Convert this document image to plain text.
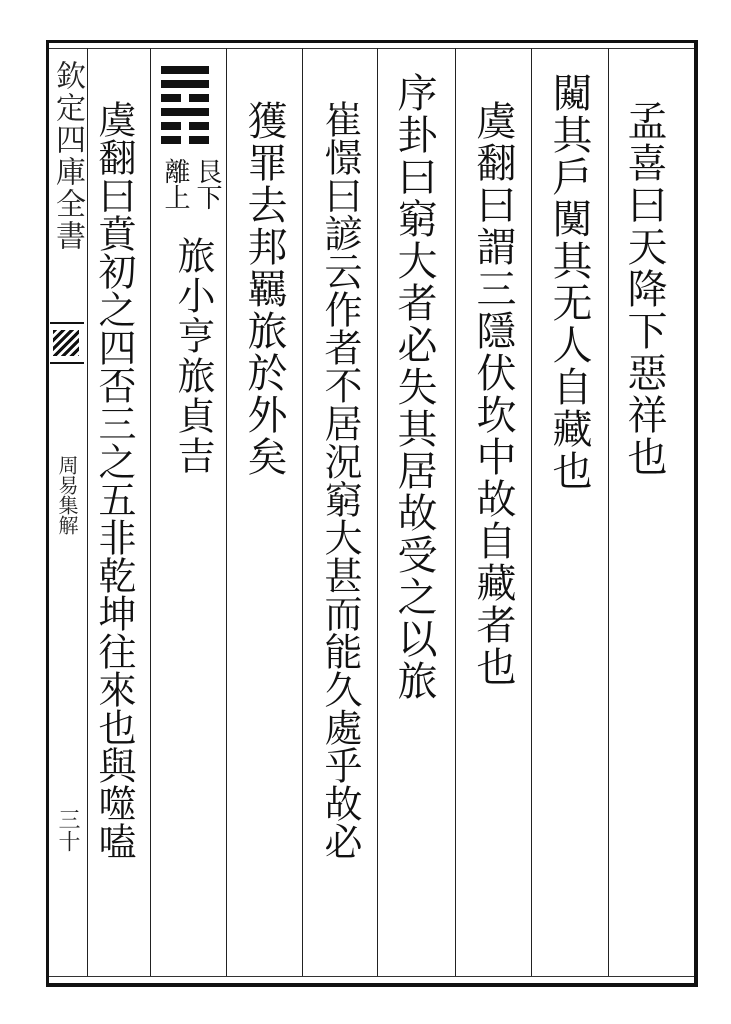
欽定四庫全書
周易集解
三十
孟喜曰天降下惡祥也
闚其戶闃其无人自藏也
虞翻曰謂三隱伏坎中故自藏者也
序卦曰窮大者必失其居故受之以旅
崔憬曰諺云作者不居況窮大甚而能久處乎故必
獲罪去邦羈旅於外矣
艮下
離上
旅小亨旅貞吉
虞翻曰賁初之四否三之五非乾坤往來也與噬嗑
